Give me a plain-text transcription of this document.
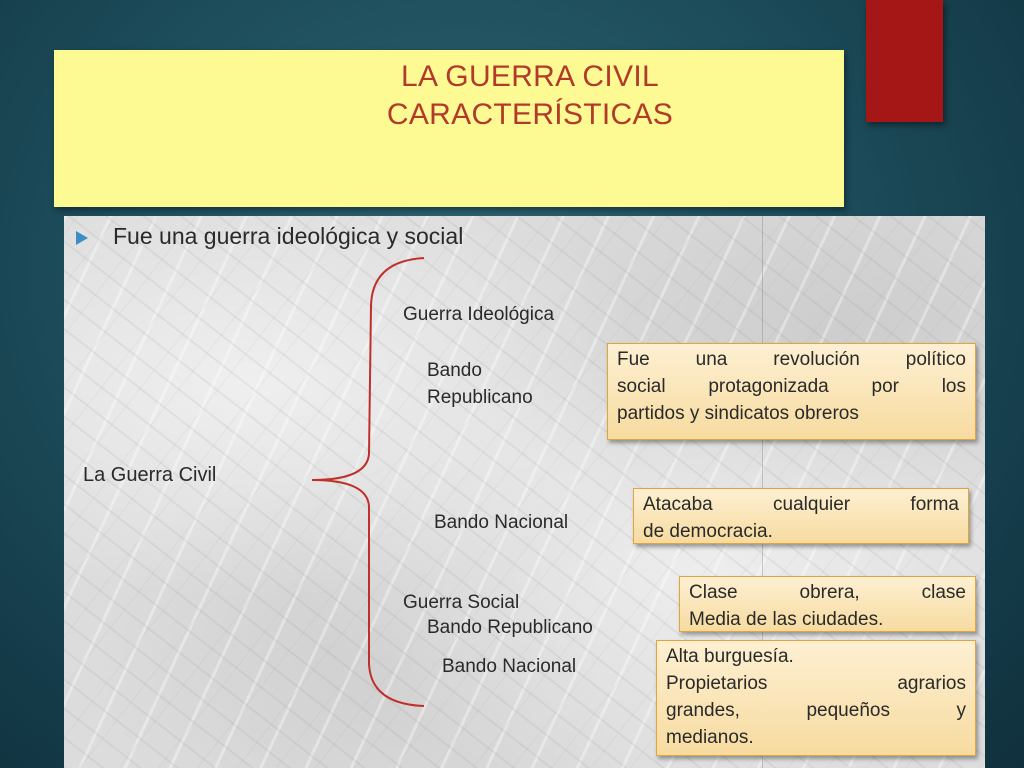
LA GUERRA CIVIL
CARACTERÍSTICAS
Fue una guerra ideológica y social
La Guerra Civil
Guerra Ideológica
Bando
Republicano
Bando Nacional
Guerra Social
Bando Republicano
Bando Nacional
Fue una revolución político
social protagonizada por los
partidos y sindicatos obreros
Atacaba cualquier forma
de democracia.
Clase obrera, clase
Media de las ciudades.
Alta burguesía.
Propietarios agrarios
grandes, pequeños y
medianos.
